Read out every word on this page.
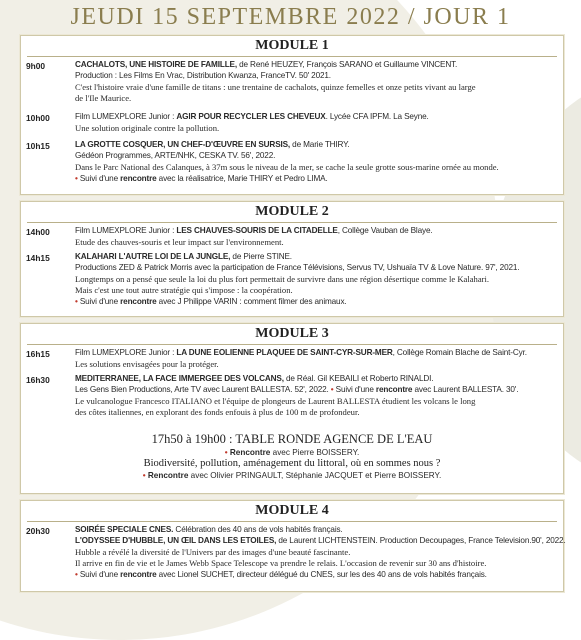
JEUDI 15 SEPTEMBRE 2022 / JOUR 1
MODULE 1
9h00	CACHALOTS, UNE HISTOIRE DE FAMILLE, de René HEUZEY, François SARANO et Guillaume VINCENT.
Production : Les Films En Vrac, Distribution Kwanza, FranceTV. 50' 2021.
C'est l'histoire vraie d'une famille de titans : une trentaine de cachalots, quinze femelles et onze petits vivant au large
de l'Ile Maurice.
10h00	Film LUMEXPLORE Junior : AGIR POUR RECYCLER LES CHEVEUX. Lycée CFA IPFM. La Seyne.
Une solution originale contre la pollution.
10h15	LA GROTTE COSQUER, UN CHEF-D'ŒUVRE EN SURSIS, de Marie THIRY.
Gédéon Programmes, ARTE/NHK, CESKA TV. 56', 2022.
Dans le Parc National des Calanques, à 37m sous le niveau de la mer, se cache la seule grotte sous-marine ornée au monde.
• Suivi d'une rencontre avec la réalisatrice, Marie THIRY et Pedro LIMA.
MODULE 2
14h00	Film LUMEXPLORE Junior : LES CHAUVES-SOURIS DE LA CITADELLE, Collège Vauban de Blaye.
Etude des chauves-souris et leur impact sur l'environnement.
14h15	KALAHARI L'AUTRE LOI DE LA JUNGLE, de Pierre STINE.
Productions ZED & Patrick Morris avec la participation de France Télévisions, Servus TV, Ushuaïa TV & Love Nature. 97', 2021.
Longtemps on a pensé que seule la loi du plus fort permettait de survivre dans une région désertique comme le Kalahari.
Mais c'est une tout autre stratégie qui s'impose : la coopération.
• Suivi d'une rencontre avec J Philippe VARIN : comment filmer des animaux.
MODULE 3
16h15	Film LUMEXPLORE Junior : LA DUNE EOLIENNE PLAQUEE DE SAINT-CYR-SUR-MER, Collège Romain Blache de Saint-Cyr.
Les solutions envisagées pour la protéger.
16h30	MEDITERRANEE, LA FACE IMMERGEE DES VOLCANS, de Réal. Gil KEBAILI et Roberto RINALDI.
Les Gens Bien Productions, Arte TV avec Laurent BALLESTA. 52', 2022. • Suivi d'une rencontre avec Laurent BALLESTA. 30'.
Le vulcanologue Francesco ITALIANO et l'équipe de plongeurs de Laurent BALLESTA étudient les volcans le long
des côtes italiennes, en explorant des fonds enfouis à plus de 100 m de profondeur.
17h50 à 19h00 : TABLE RONDE AGENCE DE L'EAU
• Rencontre avec Pierre BOISSERY.
Biodiversité, pollution, aménagement du littoral, où en sommes nous ?
• Rencontre avec Olivier PRINGAULT, Stéphanie JACQUET et Pierre BOISSERY.
MODULE 4
20h30	SOIRÉE SPECIALE CNES. Célébration des 40 ans de vols habités français.
L'ODYSSEE D'HUBBLE, UN ŒIL DANS LES ETOILES, de Laurent LICHTENSTEIN. Production Decoupages, France Television.90', 2022.
Hubble a révélé la diversité de l'Univers par des images d'une beauté fascinante.
Il arrive en fin de vie et le James Webb Space Telescope va prendre le relais. L'occasion de revenir sur 30 ans d'histoire.
• Suivi d'une rencontre avec Lionel SUCHET, directeur délégué du CNES, sur les des 40 ans de vols habités français.
